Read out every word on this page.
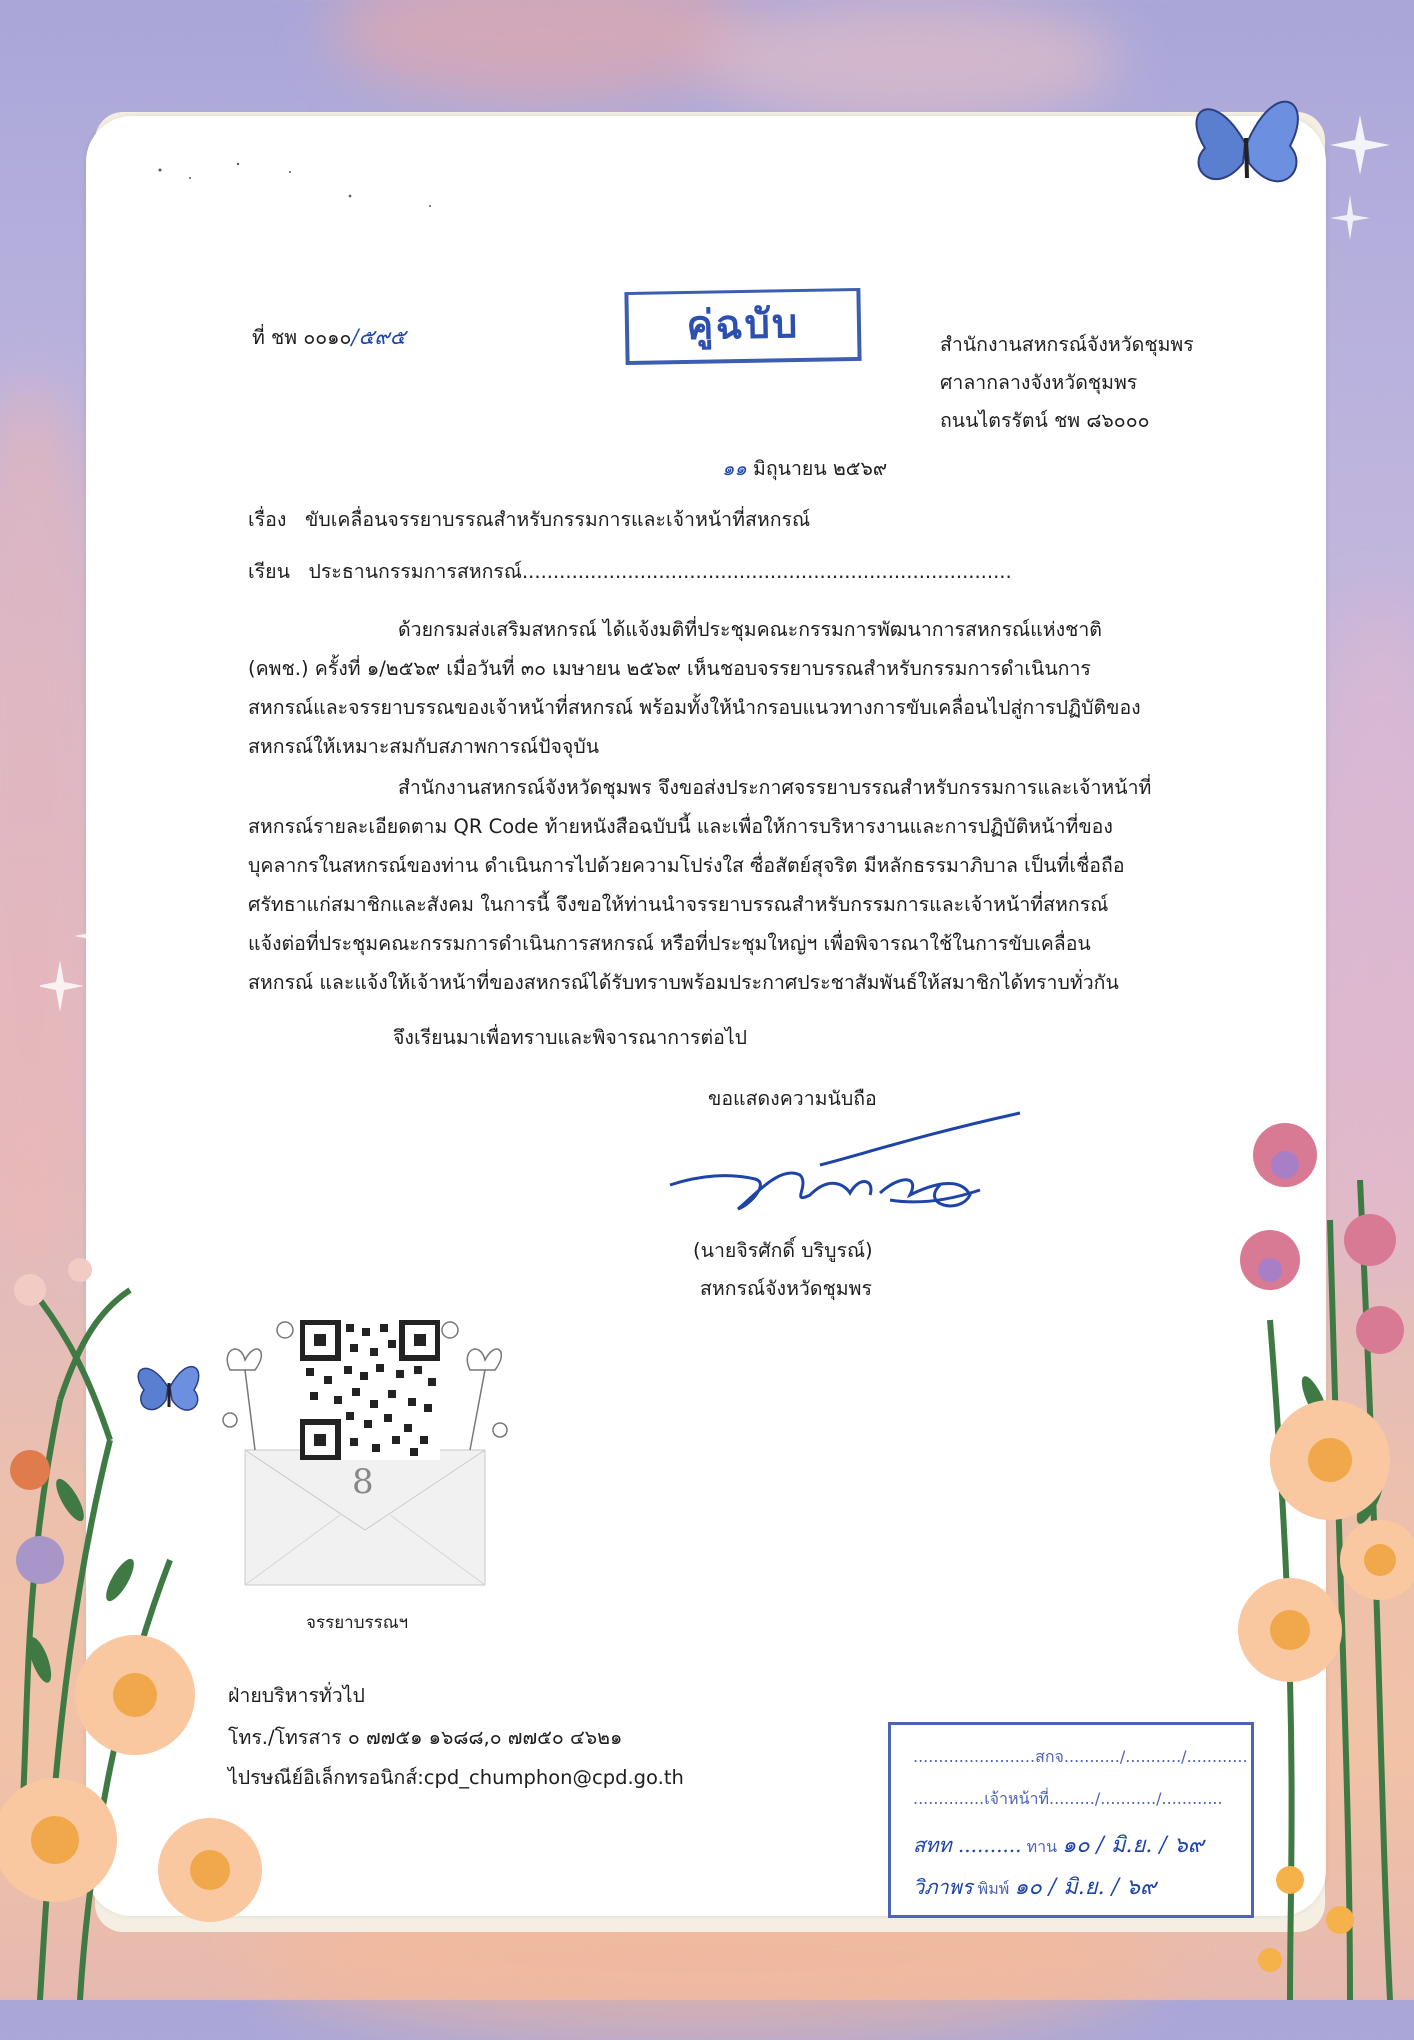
ที่ ชพ ๐๐๑๐/๕๙๕	คู่ฉบับ	สำนักงานสหกรณ์จังหวัดชุมพร
ศาลากลางจังหวัดชุมพร
ถนนไตรรัตน์ ชพ ๘๖๐๐๐
๑๑ มิถุนายน ๒๕๖๙
เรื่อง ขับเคลื่อนจรรยาบรรณสำหรับกรรมการและเจ้าหน้าที่สหกรณ์
เรียน ประธานกรรมการสหกรณ์...............................................................................
ด้วยกรมส่งเสริมสหกรณ์ ได้แจ้งมติที่ประชุมคณะกรรมการพัฒนาการสหกรณ์แห่งชาติ
(คพช.) ครั้งที่ ๑/๒๕๖๙ เมื่อวันที่ ๓๐ เมษายน ๒๕๖๙ เห็นชอบจรรยาบรรณสำหรับกรรมการดำเนินการ
สหกรณ์และจรรยาบรรณของเจ้าหน้าที่สหกรณ์ พร้อมทั้งให้นำกรอบแนวทางการขับเคลื่อนไปสู่การปฏิบัติของ
สหกรณ์ให้เหมาะสมกับสภาพการณ์ปัจจุบัน
สำนักงานสหกรณ์จังหวัดชุมพร จึงขอส่งประกาศจรรยาบรรณสำหรับกรรมการและเจ้าหน้าที่
สหกรณ์รายละเอียดตาม QR Code ท้ายหนังสือฉบับนี้ และเพื่อให้การบริหารงานและการปฏิบัติหน้าที่ของ
บุคลากรในสหกรณ์ของท่าน ดำเนินการไปด้วยความโปร่งใส ซื่อสัตย์สุจริต มีหลักธรรมาภิบาล เป็นที่เชื่อถือ
ศรัทธาแก่สมาชิกและสังคม ในการนี้ จึงขอให้ท่านนำจรรยาบรรณสำหรับกรรมการและเจ้าหน้าที่สหกรณ์
แจ้งต่อที่ประชุมคณะกรรมการดำเนินการสหกรณ์ หรือที่ประชุมใหญ่ฯ เพื่อพิจารณาใช้ในการขับเคลื่อน
สหกรณ์ และแจ้งให้เจ้าหน้าที่ของสหกรณ์ได้รับทราบพร้อมประกาศประชาสัมพันธ์ให้สมาชิกได้ทราบทั่วกัน
จึงเรียนมาเพื่อทราบและพิจารณาการต่อไป
ขอแสดงความนับถือ
(นายจิรศักดิ์ บริบูรณ์)
สหกรณ์จังหวัดชุมพร
8
จรรยาบรรณฯ
ฝ่ายบริหารทั่วไป
โทร./โทรสาร ๐ ๗๗๕๑ ๑๖๘๘,๐ ๗๗๕๐ ๔๖๒๑
ไปรษณีย์อิเล็กทรอนิกส์:cpd_chumphon@cpd.go.th
........................สกจ.........../.........../............
..............เจ้าหน้าที่........./.........../............
สทท .......... ทาน ๑๐ / มิ.ย. / ๖๙
วิภาพร พิมพ์ ๑๐ / มิ.ย. / ๖๙
